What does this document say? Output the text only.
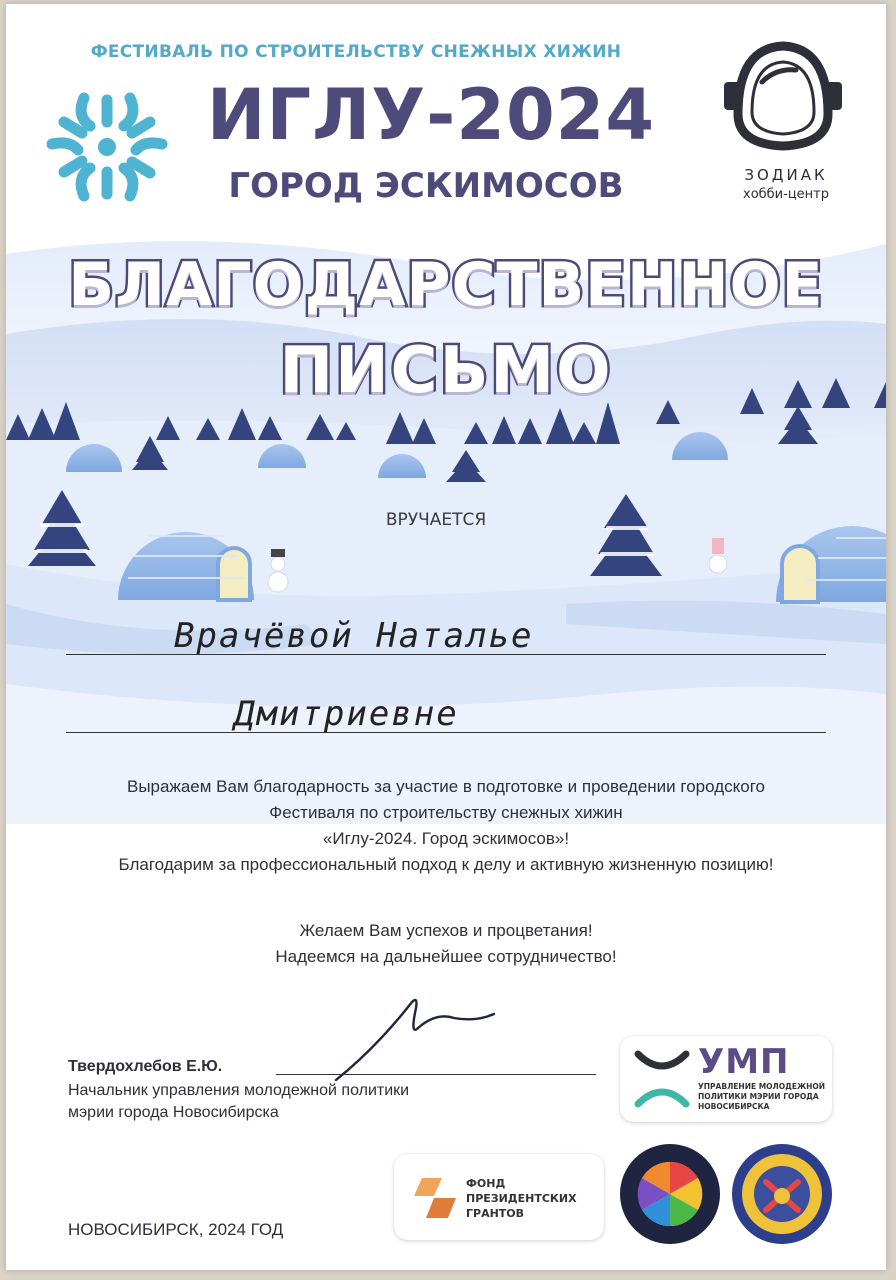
ФЕСТИВАЛЬ ПО СТРОИТЕЛЬСТВУ СНЕЖНЫХ ХИЖИН
ИГЛУ-2024
ГОРОД ЭСКИМОСОВ	ЗОДИАК
хобби-центр
БЛАГОДАРСТВЕННОЕ
ПИСЬМО
ВРУЧАЕТСЯ
Врачёвой Наталье
Дмитриевне
Выражаем Вам благодарность за участие в подготовке и проведении городского
Фестиваля по строительству снежных хижин
«Иглу-2024. Город эскимосов»!
Благодарим за профессиональный подход к делу и активную жизненную позицию!
Желаем Вам успехов и процветания!
Надеемся на дальнейшее сотрудничество!
Твердохлебов Е.Ю.
Начальник управления молодежной политики
мэрии города Новосибирска
НОВОСИБИРСК, 2024 ГОД
УМП
УПРАВЛЕНИЕ МОЛОДЕЖНОЙ ПОЛИТИКИ МЭРИИ ГОРОДА НОВОСИБИРСКА
ФОНД
ПРЕЗИДЕНТСКИХ
ГРАНТОВ
